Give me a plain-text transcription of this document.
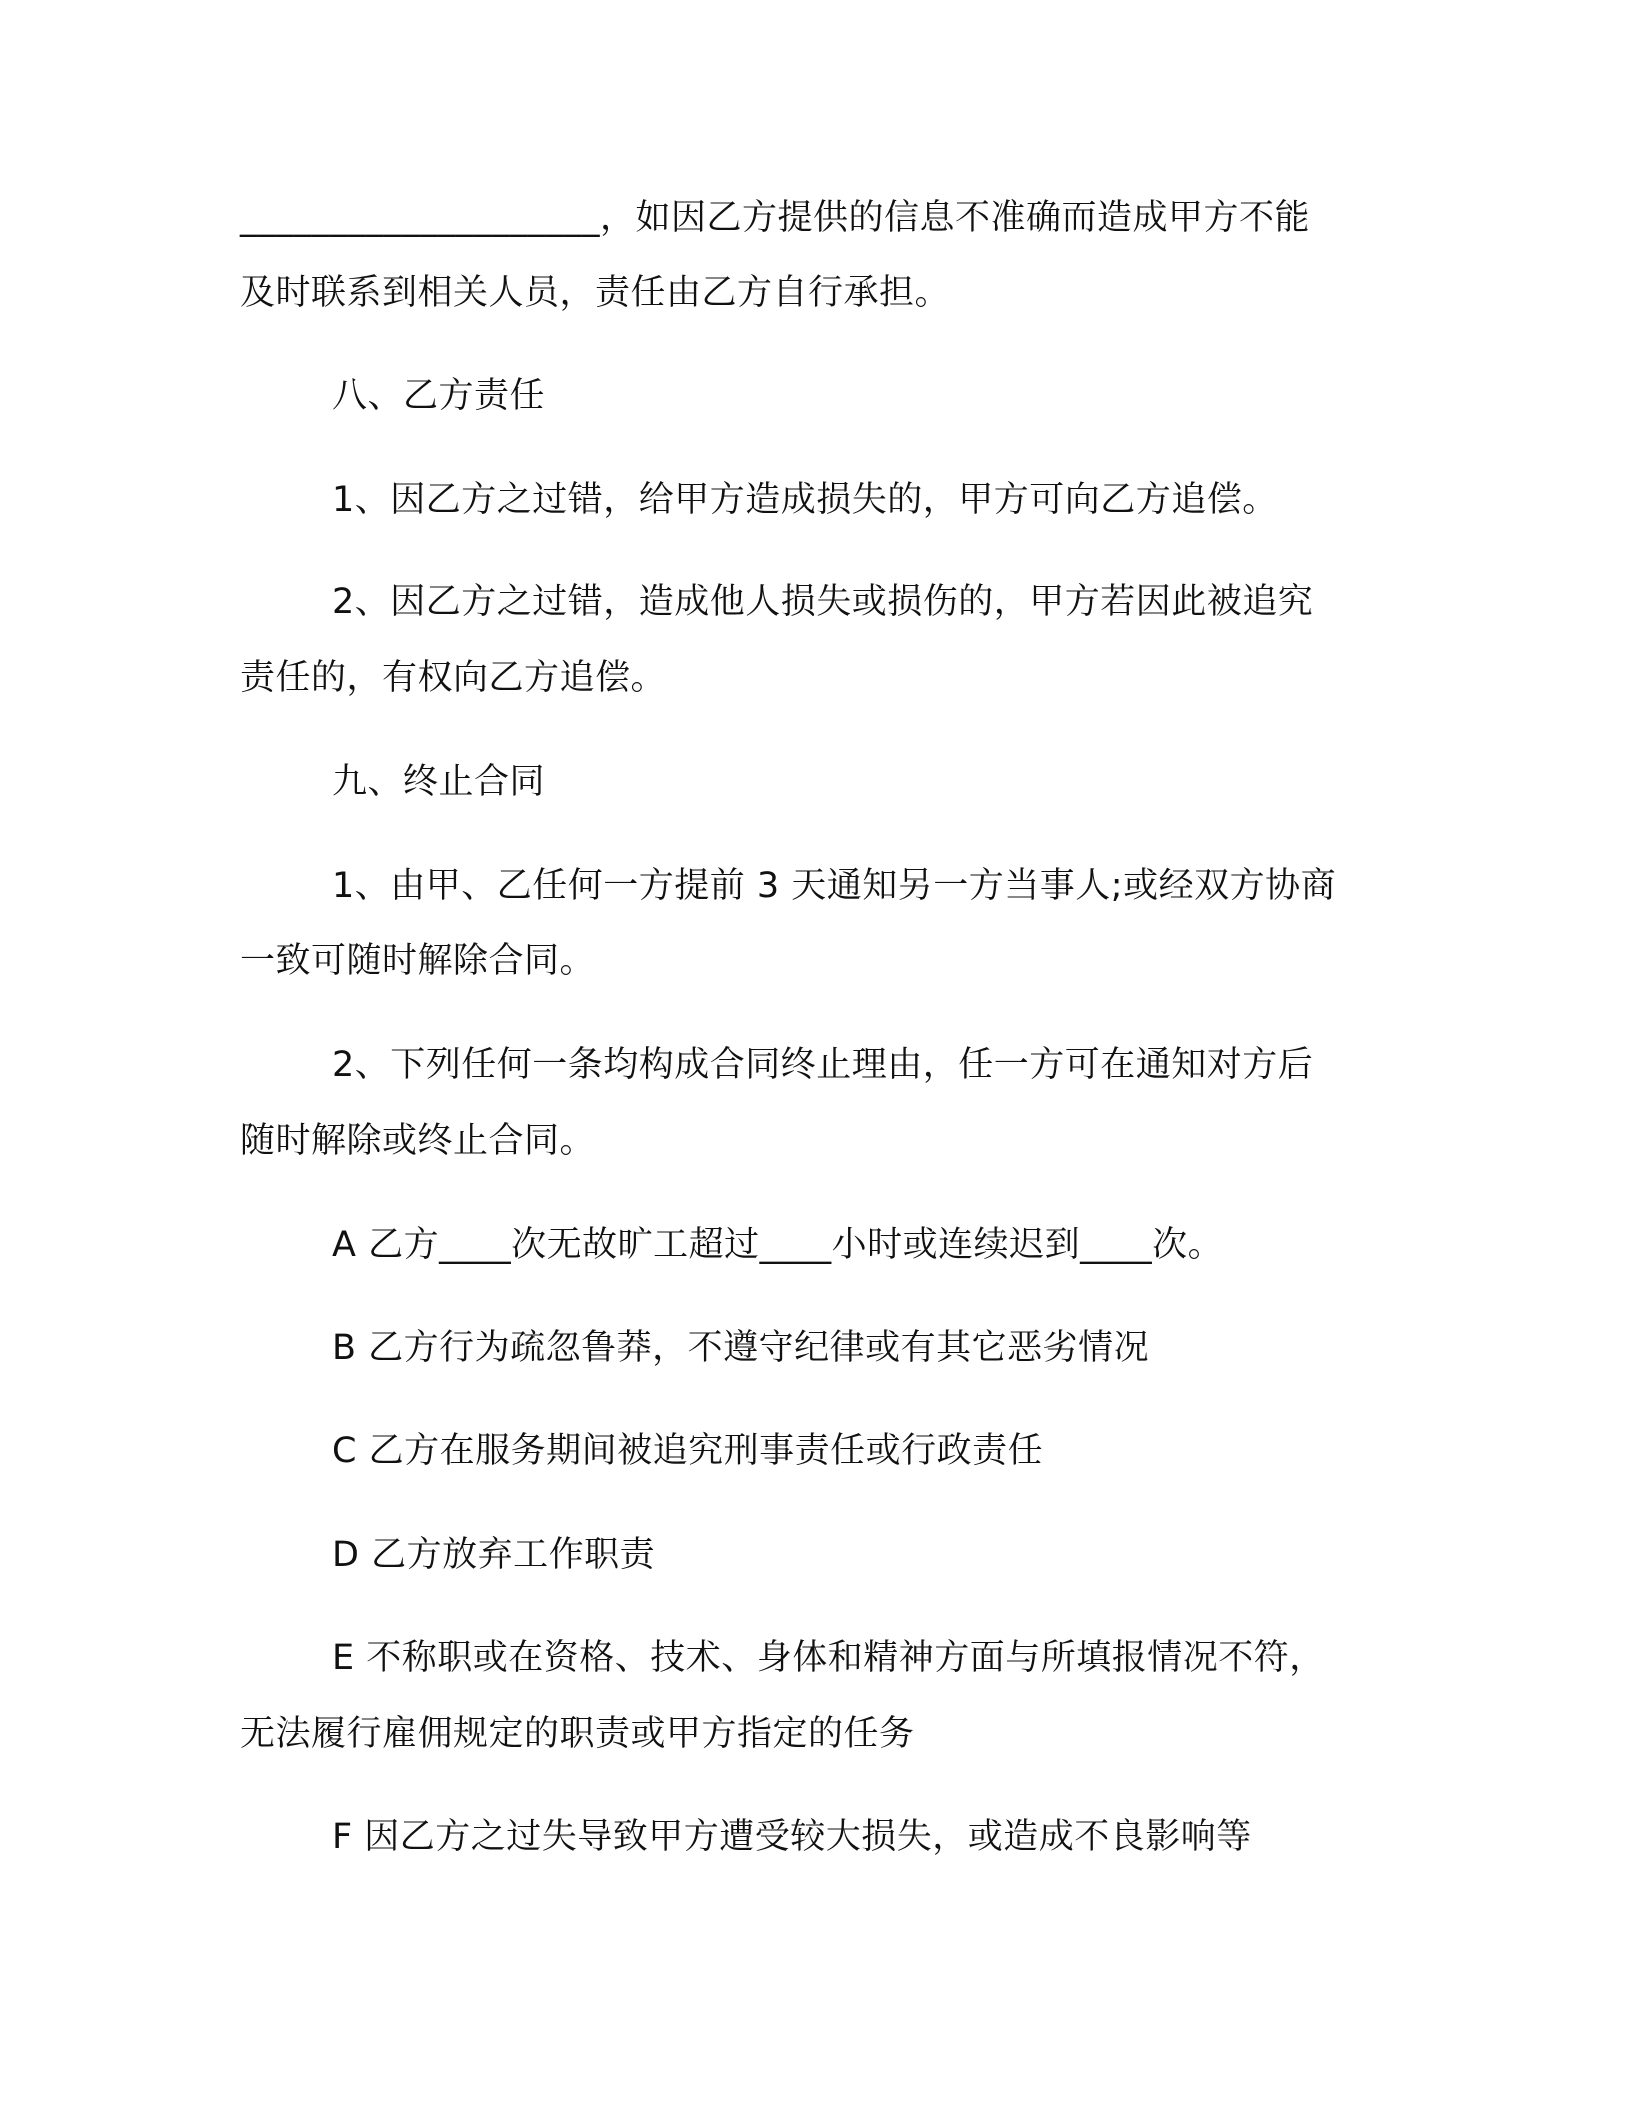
____________________，如因乙方提供的信息不准确而造成甲方不能
及时联系到相关人员，责任由乙方自行承担。
八、乙方责任
1、因乙方之过错，给甲方造成损失的，甲方可向乙方追偿。
2、因乙方之过错，造成他人损失或损伤的，甲方若因此被追究
责任的，有权向乙方追偿。
九、终止合同
1、由甲、乙任何一方提前 3 天通知另一方当事人;或经双方协商
一致可随时解除合同。
2、下列任何一条均构成合同终止理由，任一方可在通知对方后
随时解除或终止合同。
A 乙方____次无故旷工超过____小时或连续迟到____次。
B 乙方行为疏忽鲁莽，不遵守纪律或有其它恶劣情况
C 乙方在服务期间被追究刑事责任或行政责任
D 乙方放弃工作职责
E 不称职或在资格、技术、身体和精神方面与所填报情况不符，
无法履行雇佣规定的职责或甲方指定的任务
F 因乙方之过失导致甲方遭受较大损失，或造成不良影响等
